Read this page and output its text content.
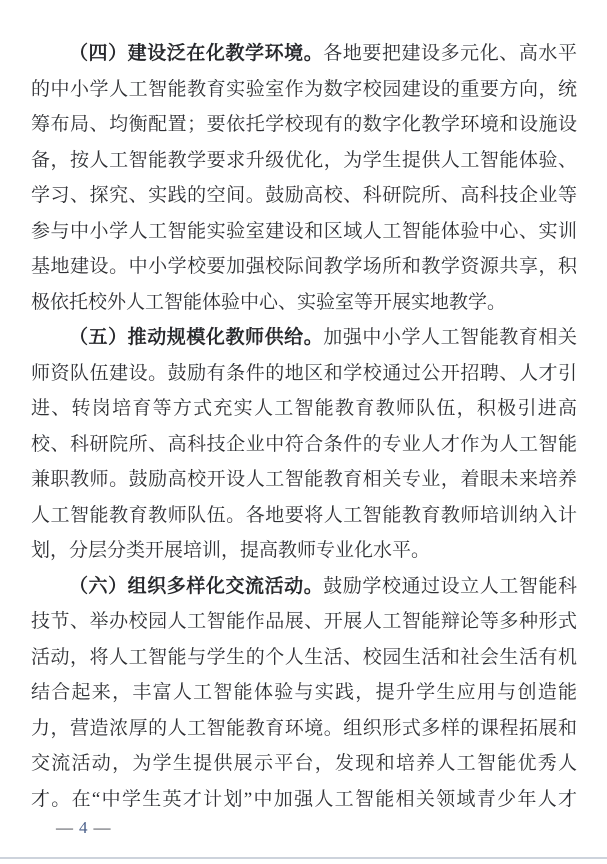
（四）建设泛在化教学环境。各地要把建设多元化、高水平
的中小学人工智能教育实验室作为数字校园建设的重要方向，统
筹布局、均衡配置；要依托学校现有的数字化教学环境和设施设
备，按人工智能教学要求升级优化，为学生提供人工智能体验、
学习、探究、实践的空间。鼓励高校、科研院所、高科技企业等
参与中小学人工智能实验室建设和区域人工智能体验中心、实训
基地建设。中小学校要加强校际间教学场所和教学资源共享，积
极依托校外人工智能体验中心、实验室等开展实地教学。
（五）推动规模化教师供给。加强中小学人工智能教育相关
师资队伍建设。鼓励有条件的地区和学校通过公开招聘、人才引
进、转岗培育等方式充实人工智能教育教师队伍，积极引进高
校、科研院所、高科技企业中符合条件的专业人才作为人工智能
兼职教师。鼓励高校开设人工智能教育相关专业，着眼未来培养
人工智能教育教师队伍。各地要将人工智能教育教师培训纳入计
划，分层分类开展培训，提高教师专业化水平。
（六）组织多样化交流活动。鼓励学校通过设立人工智能科
技节、举办校园人工智能作品展、开展人工智能辩论等多种形式
活动，将人工智能与学生的个人生活、校园生活和社会生活有机
结合起来，丰富人工智能体验与实践，提升学生应用与创造能
力，营造浓厚的人工智能教育环境。组织形式多样的课程拓展和
交流活动，为学生提供展示平台，发现和培养人工智能优秀人
才。在“中学生英才计划”中加强人工智能相关领域青少年人才
— 4 —
